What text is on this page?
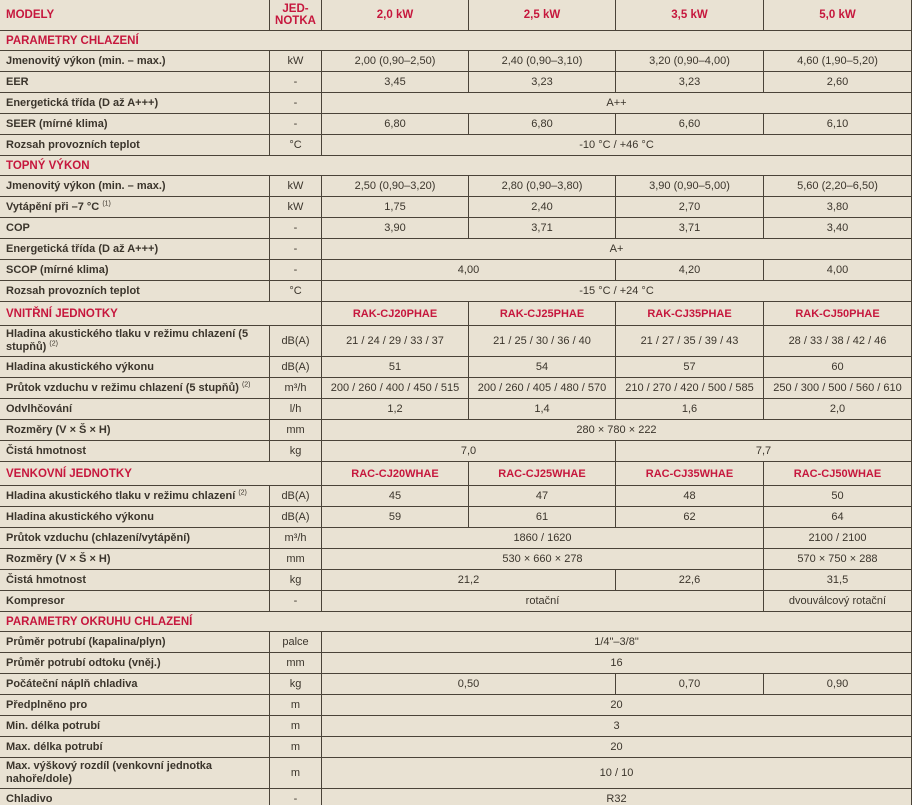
MODELY	JED-NOTKA	2,0 kW	2,5 kW	3,5 kW	5,0 kW
PARAMETRY CHLAZENÍ					
Jmenovitý výkon (min. – max.)	kW	2,00 (0,90–2,50)	2,40 (0,90–3,10)	3,20 (0,90–4,00)	4,60 (1,90–5,20)
EER	-	3,45	3,23	3,23	2,60
Energetická třída (D až A+++)	-	A++			
SEER (mírné klima)	-	6,80	6,80	6,60	6,10
Rozsah provozních teplot	°C	-10 °C / +46 °C			
TOPNÝ VÝKON					
Jmenovitý výkon (min. – max.)	kW	2,50 (0,90–3,20)	2,80 (0,90–3,80)	3,90 (0,90–5,00)	5,60 (2,20–6,50)
Vytápění při –7 °C $^{(1)}$	kW	1,75	2,40	2,70	3,80
COP	-	3,90	3,71	3,71	3,40
Energetická třída (D až A+++)	-	A+			
SCOP (mírné klima)	-	4,00		4,20	4,00
Rozsah provozních teplot	°C	-15 °C / +24 °C			
VNITŘNÍ JEDNOTKY		RAK-CJ20PHAE	RAK-CJ25PHAE	RAK-CJ35PHAE	RAK-CJ50PHAE
Hladina akustického tlaku v režimu chlazení (5 stupňů) $^{(2)}$	dB(A)	21 / 24 / 29 / 33 / 37	21 / 25 / 30 / 36 / 40	21 / 27 / 35 / 39 / 43	28 / 33 / 38 / 42 / 46
Hladina akustického výkonu	dB(A)	51	54	57	60
Průtok vzduchu v režimu chlazení (5 stupňů) $^{(2)}$	m³/h	200 / 260 / 400 / 450 / 515	200 / 260 / 405 / 480 / 570	210 / 270 / 420 / 500 / 585	250 / 300 / 500 / 560 / 610
Odvlhčování	l/h	1,2	1,4	1,6	2,0
Rozměry (V × Š × H)	mm	280 × 780 × 222			
Čistá hmotnost	kg	7,0		7,7	
VENKOVNÍ JEDNOTKY		RAC-CJ20WHAE	RAC-CJ25WHAE	RAC-CJ35WHAE	RAC-CJ50WHAE
Hladina akustického tlaku v režimu chlazení $^{(2)}$	dB(A)	45	47	48	50
Hladina akustického výkonu	dB(A)	59	61	62	64
Průtok vzduchu (chlazení/vytápění)	m³/h	1860 / 1620			2100 / 2100
Rozměry (V × Š × H)	mm	530 × 660 × 278			570 × 750 × 288
Čistá hmotnost	kg	21,2		22,6	31,5
Kompresor	-	rotační			dvouválcový rotační
PARAMETRY OKRUHU CHLAZENÍ					
Průměr potrubí (kapalina/plyn)	palce	1/4"–3/8"			
Průměr potrubí odtoku (vněj.)	mm	16			
Počáteční náplň chladiva	kg	0,50		0,70	0,90
Předplněno pro	m	20			
Min. délka potrubí	m	3			
Max. délka potrubí	m	20			
Max. výškový rozdíl (venkovní jednotka nahoře/dole)	m	10 / 10			
Chladivo	-	R32			
